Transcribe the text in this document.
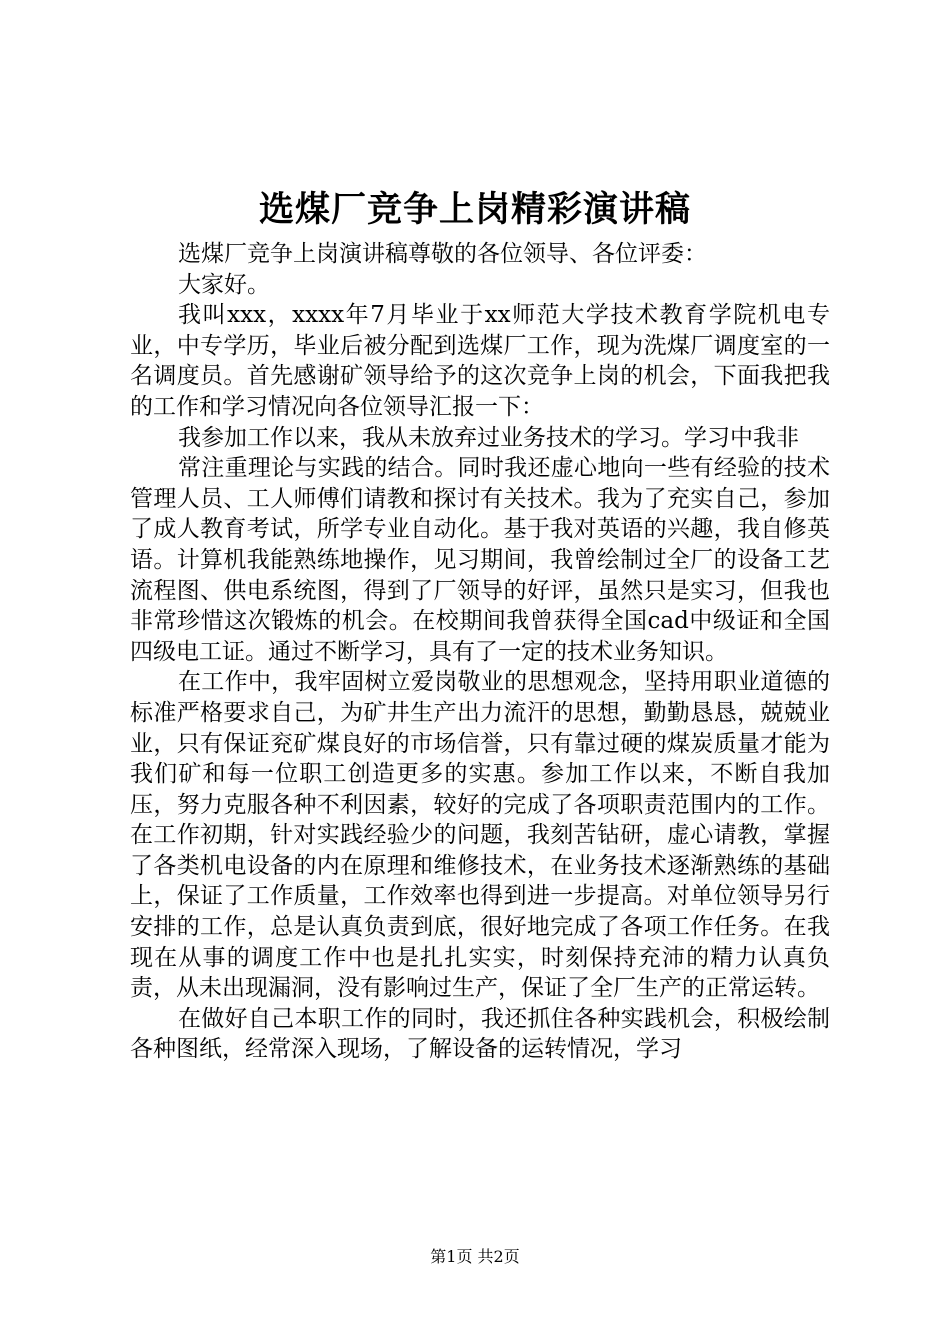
选煤厂竞争上岗精彩演讲稿

选煤厂竞争上岗演讲稿尊敬的各位领导、各位评委：

大家好。

我叫xxx，xxxx年7月毕业于xx师范大学技术教育学院机电专业，中专学历，毕业后被分配到选煤厂工作，现为洗煤厂调度室的一名调度员。首先感谢矿领导给予的这次竞争上岗的机会，下面我把我的工作和学习情况向各位领导汇报一下：

我参加工作以来，我从未放弃过业务技术的学习。学习中我非

常注重理论与实践的结合。同时我还虚心地向一些有经验的技术管理人员、工人师傅们请教和探讨有关技术。我为了充实自己，参加了成人教育考试，所学专业自动化。基于我对英语的兴趣，我自修英语。计算机我能熟练地操作，见习期间，我曾绘制过全厂的设备工艺流程图、供电系统图，得到了厂领导的好评，虽然只是实习，但我也非常珍惜这次锻炼的机会。在校期间我曾获得全国cad中级证和全国四级电工证。通过不断学习，具有了一定的技术业务知识。

在工作中，我牢固树立爱岗敬业的思想观念，坚持用职业道德的标准严格要求自己，为矿井生产出力流汗的思想，勤勤恳恳，兢兢业业，只有保证兖矿煤良好的市场信誉，只有靠过硬的煤炭质量才能为我们矿和每一位职工创造更多的实惠。参加工作以来，不断自我加压，努力克服各种不利因素，较好的完成了各项职责范围内的工作。在工作初期，针对实践经验少的问题，我刻苦钻研，虚心请教，掌握了各类机电设备的内在原理和维修技术，在业务技术逐渐熟练的基础上，保证了工作质量，工作效率也得到进一步提高。对单位领导另行安排的工作，总是认真负责到底，很好地完成了各项工作任务。在我现在从事的调度工作中也是扎扎实实，时刻保持充沛的精力认真负责，从未出现漏洞，没有影响过生产，保证了全厂生产的正常运转。

在做好自己本职工作的同时，我还抓住各种实践机会，积极绘制各种图纸，经常深入现场，了解设备的运转情况，学习

第1页 共2页
